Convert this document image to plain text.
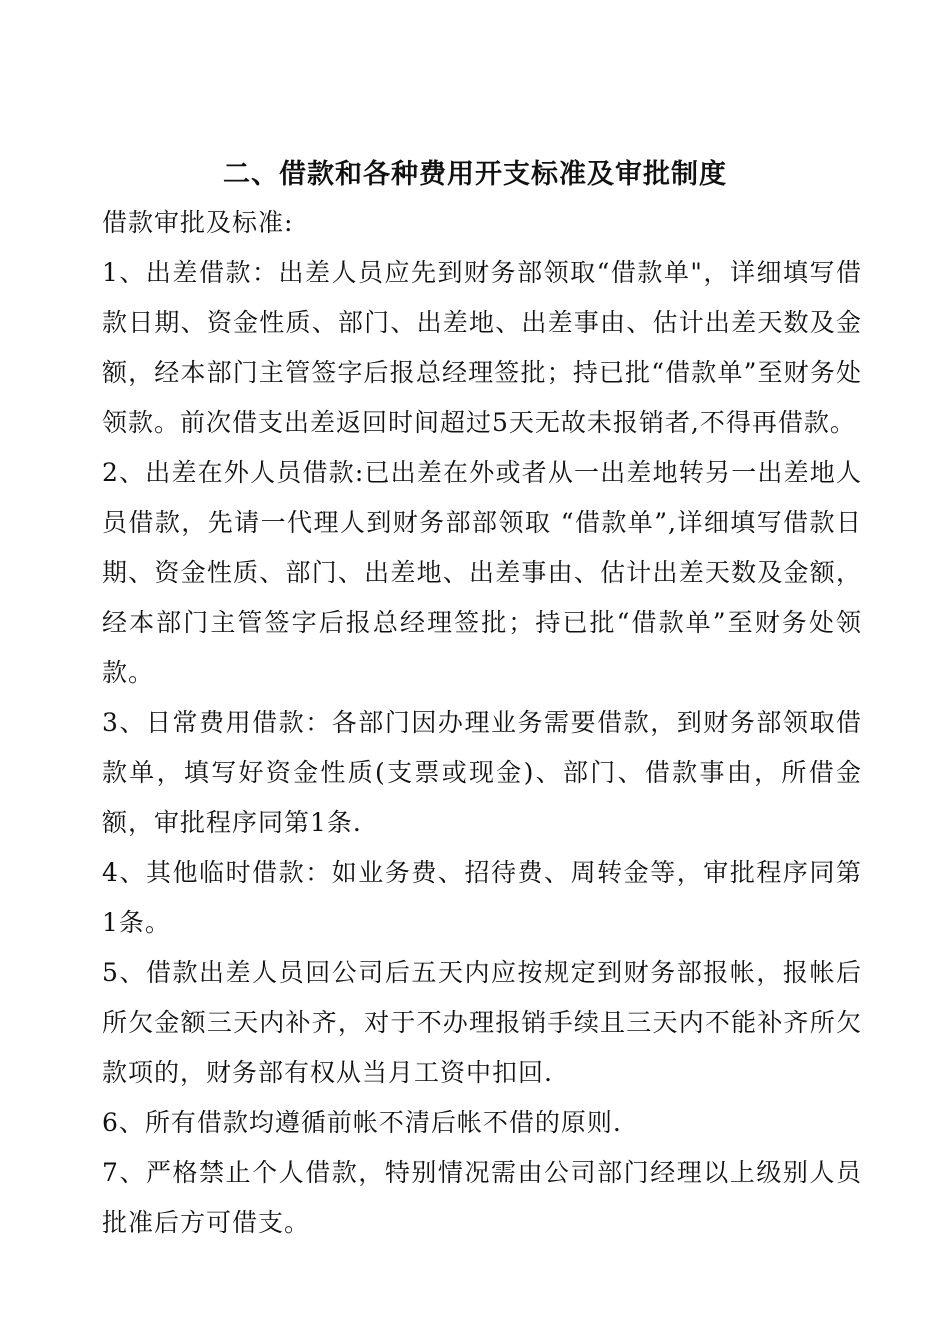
二、借款和各种费用开支标准及审批制度

借款审批及标准:

1、出差借款：出差人员应先到财务部领取“借款单"，详细填写借款日期、资金性质、部门、出差地、出差事由、估计出差天数及金额，经本部门主管签字后报总经理签批；持已批“借款单”至财务处领款。前次借支出差返回时间超过5天无故未报销者,不得再借款。

2、出差在外人员借款:已出差在外或者从一出差地转另一出差地人员借款，先请一代理人到财务部部领取 “借款单”,详细填写借款日期、资金性质、部门、出差地、出差事由、估计出差天数及金额，经本部门主管签字后报总经理签批；持已批“借款单”至财务处领款。

3、日常费用借款：各部门因办理业务需要借款，到财务部领取借款单，填写好资金性质(支票或现金)、部门、借款事由，所借金额，审批程序同第1条.

4、其他临时借款：如业务费、招待费、周转金等，审批程序同第1条。

5、借款出差人员回公司后五天内应按规定到财务部报帐，报帐后所欠金额三天内补齐，对于不办理报销手续且三天内不能补齐所欠款项的，财务部有权从当月工资中扣回.

6、所有借款均遵循前帐不清后帐不借的原则.

7、严格禁止个人借款，特别情况需由公司部门经理以上级别人员批准后方可借支。
